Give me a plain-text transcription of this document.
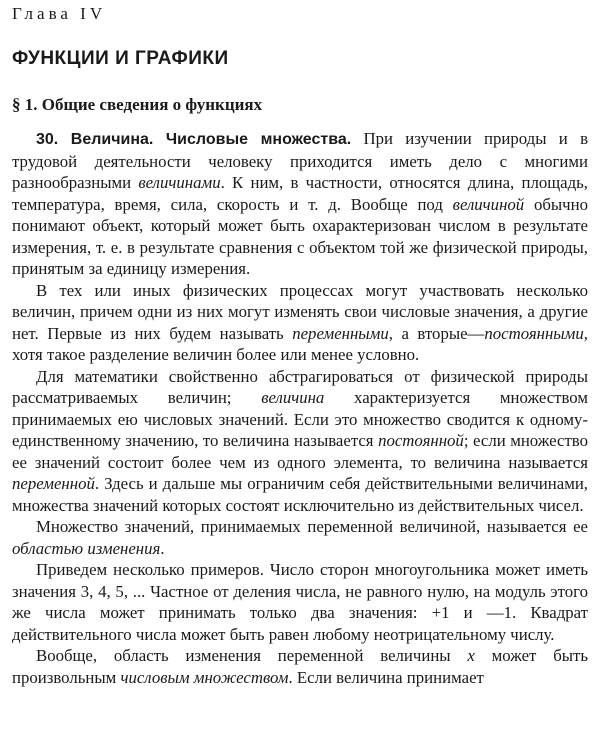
Глава IV
ФУНКЦИИ И ГРАФИКИ
§ 1. Общие сведения о функциях

30. Величина. Числовые множества. При изучении природы и в трудовой деятельности человеку приходится иметь дело с многими разнообразными величинами. К ним, в частности, относятся длина, площадь, температура, время, сила, скорость и т. д. Вообще под величиной обычно понимают объект, который может быть охарактеризован числом в результате измерения, т. е. в результате сравнения с объектом той же физической природы, принятым за единицу измерения.

В тех или иных физических процессах могут участвовать несколько величин, причем одни из них могут изменять свои числовые значения, а другие нет. Первые из них будем называть переменными, а вторые—постоянными, хотя такое разделение величин более или менее условно.

Для математики свойственно абстрагироваться от физической природы рассматриваемых величин; величина характеризуется множеством принимаемых ею числовых значений. Если это множество сводится к одному-единственному значению, то величина называется постоянной; если множество ее значений состоит более чем из одного элемента, то величина называется переменной. Здесь и дальше мы ограничим себя действительными величинами, множества значений которых состоят исключительно из действительных чисел.

Множество значений, принимаемых переменной величиной, называется ее областью изменения.

Приведем несколько примеров. Число сторон многоугольника может иметь значения 3, 4, 5, ... Частное от деления числа, не равного нулю, на модуль этого же числа может принимать только два значения: +1 и —1. Квадрат действительного числа может быть равен любому неотрицательному числу.

Вообще, область изменения переменной величины x может быть произвольным числовым множеством. Если величина принимает
